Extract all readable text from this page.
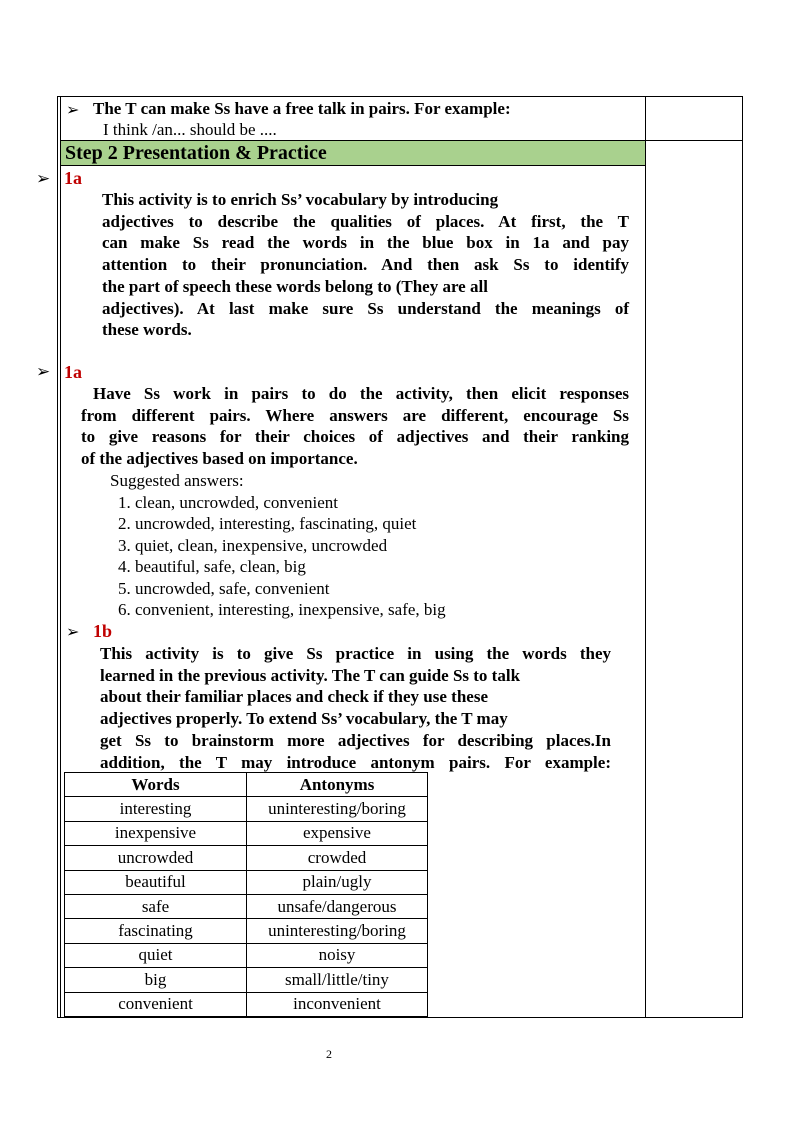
➢ The T can make Ss have a free talk in pairs. For example:
I think /an... should be ....
Step 2 Presentation & Practice
➢ 1a
This activity is to enrich Ss’ vocabulary by introducing
adjectives to describe the qualities of places. At first, the T
can make Ss read the words in the blue box in 1a and pay
attention to their pronunciation. And then ask Ss to identify
the part of speech these words belong to (They are all
adjectives). At last make sure Ss understand the meanings of
these words.
➢ 1a
Have Ss work in pairs to do the activity, then elicit responses
from different pairs. Where answers are different, encourage Ss
to give reasons for their choices of adjectives and their ranking
of the adjectives based on importance.
Suggested answers:
1. clean, uncrowded, convenient
2. uncrowded, interesting, fascinating, quiet
3. quiet, clean, inexpensive, uncrowded
4. beautiful, safe, clean, big
5. uncrowded, safe, convenient
6. convenient, interesting, inexpensive, safe, big
➢ 1b
This activity is to give Ss practice in using the words they
learned in the previous activity. The T can guide Ss to talk
about their familiar places and check if they use these
adjectives properly. To extend Ss’ vocabulary, the T may
get Ss to brainstorm more adjectives for describing places.In
addition, the T may introduce antonym pairs. For example:
Words	Antonyms
interesting	uninteresting/boring
inexpensive	expensive
uncrowded	crowded
beautiful	plain/ugly
safe	unsafe/dangerous
fascinating	uninteresting/boring
quiet	noisy
big	small/little/tiny
convenient	inconvenient
2
